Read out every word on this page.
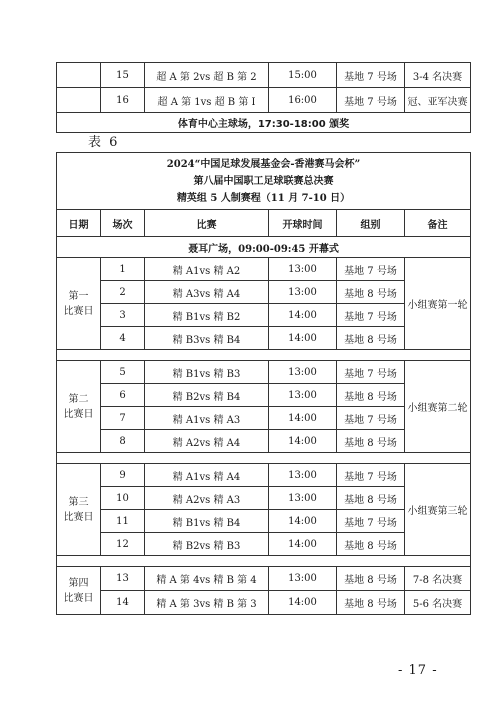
	15	超 A 第 2vs 超 B 第 2	15:00	基地 7 号场	3-4 名决赛
	16	超 A 第 1vs 超 B 第 I	16:00	基地 7 号场	冠、亚军决赛
体育中心主球场，17:30-18:00 颁奖					
表 6
2024“中国足球发展基金会-香港赛马会杯”
第八届中国职工足球联赛总决赛
精英组 5 人制赛程（11 月 7-10 日）					

日期	场次	比赛	开球时间	组别	备注
聂耳广场，09:00-09:45 开幕式					

第一
比赛日	1	精 A1vs 精 A2	13:00	基地 7 号场	小组赛第一轮
	2	精 A3vs 精 A4	13:00	基地 8 号场	
	3	精 B1vs 精 B2	14:00	基地 7 号场	
	4	精 B3vs 精 B4	14:00	基地 8 号场	

第二
比赛日	5	精 B1vs 精 B3	13:00	基地 7 号场	小组赛第二轮
	6	精 B2vs 精 B4	13:00	基地 8 号场	
	7	精 A1vs 精 A3	14:00	基地 7 号场	
	8	精 A2vs 精 A4	14:00	基地 8 号场	

第三
比赛日	9	精 A1vs 精 A4	13:00	基地 7 号场	小组赛第三轮
	10	精 A2vs 精 A3	13:00	基地 8 号场	
	11	精 B1vs 精 B4	14:00	基地 7 号场	
	12	精 B2vs 精 B3	14:00	基地 8 号场	

第四
比赛日	13	精 A 第 4vs 精 B 第 4	13:00	基地 8 号场	7-8 名决赛
	14	精 A 第 3vs 精 B 第 3	14:00	基地 8 号场	5-6 名决赛
- 17 -
